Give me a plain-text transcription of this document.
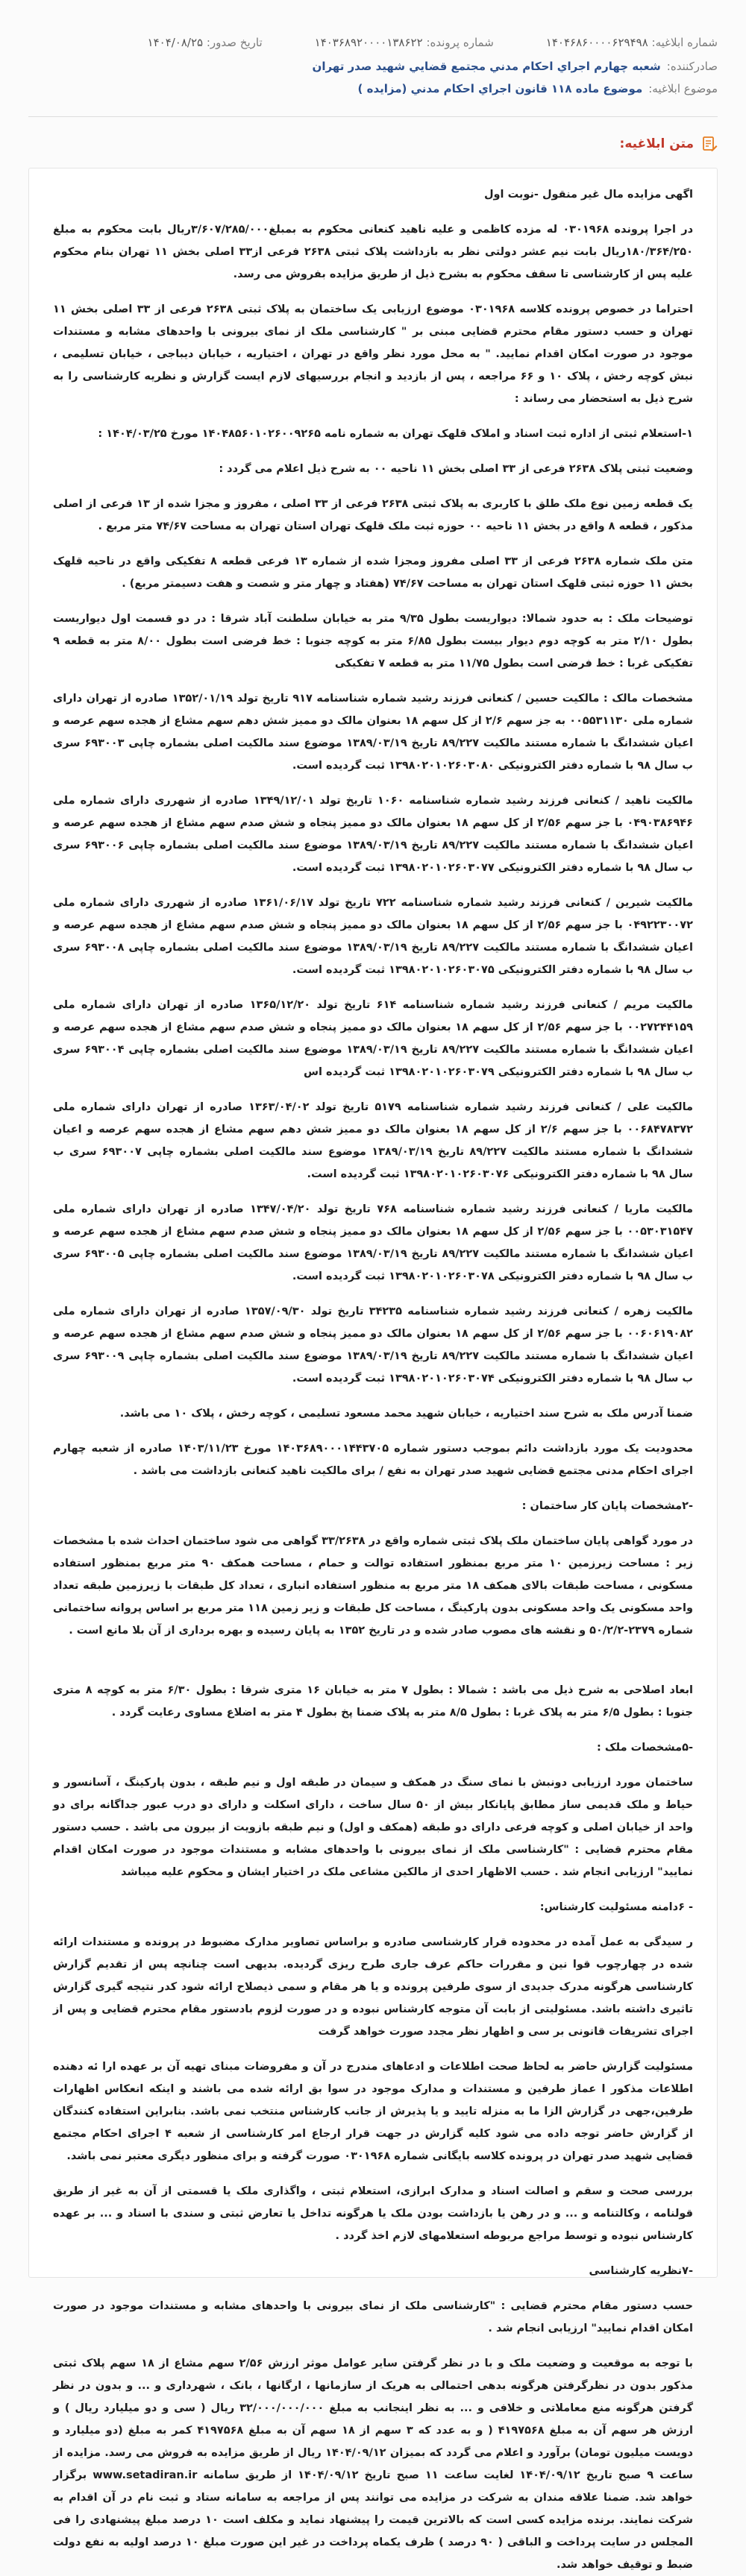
شماره ابلاغیه: ۱۴۰۴۶۸۶۰۰۰۰۶۲۹۴۹۸
شماره پرونده: ۱۴۰۳۶۸۹۲۰۰۰۰۱۳۸۶۲۲
تاریخ صدور: ۱۴۰۴/۰۸/۲۵
صادرکننده:
شعبه چهارم اجراي احكام مدني مجتمع قضايي شهيد صدر تهران
موضوع ابلاغیه:
موضوع ماده ۱۱۸ قانون اجراي احكام مدني (مزايده )
متن ابلاغیه:

اگهی مزایده مال غیر منقول -نوبت اول

در اجرا پرونده ۰۳۰۱۹۶۸ له مزده کاظمی و علیه ناهید کنعانی محکوم به بمبلغ۳/۶۰۷/۲۸۵/۰۰۰ریال بابت محکوم به مبلغ ۱۸۰/۳۶۴/۲۵۰ریال بابت نیم عشر دولتی نظر به بازداشت پلاک ثبتی ۲۶۳۸ فرعی از۳۳ اصلی بخش ۱۱ تهران بنام محکوم علیه پس از کارشناسی تا سقف محکوم به بشرح ذیل از طریق مزایده بفروش می رسد.

احتراما در خصوص پرونده کلاسه ۰۳۰۱۹۶۸ موضوع ارزیابی یک ساختمان به پلاک ثبتی ۲۶۳۸ فرعی از ۳۳ اصلی بخش ۱۱ تهران و حسب دستور مقام محترم قضایی مبنی بر " کارشناسی ملک از نمای بیرونی با واحدهای مشابه و مستندات موجود در صورت امکان اقدام نمایید. " به محل مورد نظر واقع در تهران ، اختیاریه ، خیابان دیباجی ، خیابان تسلیمی ، نبش کوچه رخش ، پلاک ۱۰ و ۶۶ مراجعه ، پس از بازدید و انجام بررسیهای لازم ایست گزارش و نظریه کارشناسی را به شرح ذیل به استحضار می رساند :

۱-استعلام ثبتی از اداره ثبت اسناد و املاک قلهک تهران به شماره نامه ۱۴۰۴۸۵۶۰۱۰۲۶۰۰۹۲۶۵ مورخ ۱۴۰۴/۰۳/۲۵ :

وضعیت ثبتی پلاک ۲۶۳۸ فرعی از ۳۳ اصلی بخش ۱۱ ناحیه ۰۰ به شرح ذیل اعلام می گردد :

یک قطعه زمین نوع ملک طلق با کاربری به پلاک ثبتی ۲۶۳۸ فرعی از ۳۳ اصلی ، مفروز و مجزا شده از ۱۳ فرعی از اصلی مذکور ، قطعه ۸ واقع در بخش ۱۱ ناحیه ۰۰ حوزه ثبت ملک قلهک تهران استان تهران به مساحت ۷۴/۶۷ متر مربع .

متن ملک شماره ۲۶۳۸ فرعی از ۳۳ اصلی مفروز ومجزا شده از شماره ۱۳ فرعی قطعه ۸ تفکیکی واقع در ناحیه قلهک بخش ۱۱ حوزه ثبتی قلهک استان تهران به مساحت ۷۴/۶۷ (هفتاد و چهار متر و شصت و هفت دسیمتر مربع) .

توضیحات ملک : به حدود شمالا: دیواریست بطول ۹/۳۵ متر به خیابان سلطنت آباد شرقا : در دو قسمت اول دیواریست بطول ۲/۱۰ متر به کوچه دوم دیوار بیست بطول ۶/۸۵ متر به کوچه جنوبا : خط فرضی است بطول ۸/۰۰ متر به قطعه ۹ تفکیکی غربا : خط فرضی است بطول ۱۱/۷۵ متر به قطعه ۷ تفکیکی

مشخصات مالک : مالکیت حسین / کنعانی فرزند رشید شماره شناسنامه ۹۱۷ تاریخ تولد ۱۳۵۲/۰۱/۱۹ صادره از تهران دارای شماره ملی ۰۰۵۵۳۱۱۳۰ به جز سهم ۲/۶ از کل سهم ۱۸ بعنوان مالک دو ممیز شش دهم سهم مشاع از هجده سهم عرصه و اعیان ششدانگ با شماره مستند مالکیت ۸۹/۲۲۷ تاریخ ۱۳۸۹/۰۳/۱۹ موضوع سند مالکیت اصلی بشماره چاپی ۶۹۳۰۰۳ سری ب سال ۹۸ با شماره دفتر الکترونیکی ۱۳۹۸۰۲۰۱۰۲۶۰۳۰۸۰ ثبت گردیده است.

مالکیت ناهید / کنعانی فرزند رشید شماره شناسنامه ۱۰۶۰ تاریخ تولد ۱۳۴۹/۱۲/۰۱ صادره از شهرری دارای شماره ملی ۰۴۹۰۳۸۶۹۴۶ با جز سهم ۲/۵۶ از کل سهم ۱۸ بعنوان مالک دو ممیز پنجاه و شش صدم سهم مشاع از هجده سهم عرصه و اعیان ششدانگ با شماره مستند مالکیت ۸۹/۲۲۷ تاریخ ۱۳۸۹/۰۳/۱۹ موضوع سند مالکیت اصلی بشماره چاپی ۶۹۳۰۰۶ سری ب سال ۹۸ با شماره دفتر الکترونیکی ۱۳۹۸۰۲۰۱۰۲۶۰۳۰۷۷ ثبت گردیده است.

مالکیت شیرین / کنعانی فرزند رشید شماره شناسنامه ۷۲۲ تاریخ تولد ۱۳۶۱/۰۶/۱۷ صادره از شهرری دارای شماره ملی ۰۴۹۲۲۳۰۰۷۲ با جز سهم ۲/۵۶ از کل سهم ۱۸ بعنوان مالک دو ممیز پنجاه و شش صدم سهم مشاع از هجده سهم عرصه و اعیان ششدانگ با شماره مستند مالکیت ۸۹/۲۲۷ تاریخ ۱۳۸۹/۰۳/۱۹ موضوع سند مالکیت اصلی بشماره چاپی ۶۹۳۰۰۸ سری ب سال ۹۸ با شماره دفتر الکترونیکی ۱۳۹۸۰۲۰۱۰۲۶۰۳۰۷۵ ثبت گردیده است.

مالکیت مریم / کنعانی فرزند رشید شماره شناسنامه ۶۱۴ تاریخ تولد ۱۳۶۵/۱۲/۲۰ صادره از تهران دارای شماره ملی ۰۰۲۷۲۴۴۱۵۹ با جز سهم ۲/۵۶ از کل سهم ۱۸ بعنوان مالک دو ممیز پنجاه و شش صدم سهم مشاع از هجده سهم عرصه و اعیان ششدانگ با شماره مستند مالکیت ۸۹/۲۲۷ تاریخ ۱۳۸۹/۰۳/۱۹ موضوع سند مالکیت اصلی بشماره چاپی ۶۹۳۰۰۴ سری ب سال ۹۸ با شماره دفتر الکترونیکی ۱۳۹۸۰۲۰۱۰۲۶۰۳۰۷۹ ثبت گردیده اس

مالکیت علی / کنعانی فرزند رشید شماره شناسنامه ۵۱۷۹ تاریخ تولد ۱۳۶۳/۰۴/۰۲ صادره از تهران دارای شماره ملی ۰۰۶۸۴۷۸۳۷۲ با جز سهم ۲/۶ از کل سهم ۱۸ بعنوان مالک دو ممیز شش دهم سهم مشاع از هجده سهم عرصه و اعیان ششدانگ با شماره مستند مالکیت ۸۹/۲۲۷ تاریخ ۱۳۸۹/۰۳/۱۹ موضوع سند مالکیت اصلی بشماره چاپی ۶۹۳۰۰۷ سری ب سال ۹۸ با شماره دفتر الکترونیکی ۱۳۹۸۰۲۰۱۰۲۶۰۳۰۷۶ ثبت گردیده است.

مالکیت ماریا / کنعانی فرزند رشید شماره شناسنامه ۷۶۸ تاریخ تولد ۱۳۴۷/۰۴/۲۰ صادره از تهران دارای شماره ملی ۰۰۵۳۰۳۱۵۴۷ با جز سهم ۲/۵۶ از کل سهم ۱۸ بعنوان مالک دو ممیز پنجاه و شش صدم سهم مشاع از هجده سهم عرصه و اعیان ششدانگ با شماره مستند مالکیت ۸۹/۲۲۷ تاریخ ۱۳۸۹/۰۳/۱۹ موضوع سند مالکیت اصلی بشماره چاپی ۶۹۳۰۰۵ سری ب سال ۹۸ با شماره دفتر الکترونیکی ۱۳۹۸۰۲۰۱۰۲۶۰۳۰۷۸ ثبت گردیده است.

مالکیت زهره / کنعانی فرزند رشید شماره شناسنامه ۳۴۲۳۵ تاریخ تولد ۱۳۵۷/۰۹/۳۰ صادره از تهران دارای شماره ملی ۰۰۶۰۶۱۹۰۸۲ با جز سهم ۲/۵۶ از کل سهم ۱۸ بعنوان مالک دو ممیز پنجاه و شش صدم سهم مشاع از هجده سهم عرصه و اعیان ششدانگ با شماره مستند مالکیت ۸۹/۲۲۷ تاریخ ۱۳۸۹/۰۳/۱۹ موضوع سند مالکیت اصلی بشماره چاپی ۶۹۳۰۰۹ سری ب سال ۹۸ با شماره دفتر الکترونیکی ۱۳۹۸۰۲۰۱۰۲۶۰۳۰۷۴ ثبت گردیده است.

ضمنا آدرس ملک به شرح سند اختیاریه ، خیابان شهید محمد مسعود تسلیمی ، کوچه رخش ، پلاک ۱۰ می باشد.

محدودیت یک مورد بازداشت دائم بموجب دستور شماره ۱۴۰۳۶۸۹۰۰۰۱۴۴۳۷۰۵ مورخ ۱۴۰۳/۱۱/۲۳ صادره از شعبه چهارم اجرای احکام مدنی مجتمع قضایی شهید صدر تهران به نفع / برای مالکیت ناهید کنعانی بازداشت می باشد .

-۲مشخصات پایان کار ساختمان :

در مورد گواهی پایان ساختمان ملک پلاک ثبتی شماره واقع در ۳۳/۲۶۳۸ گواهی می شود ساختمان احداث شده با مشخصات زیر : مساحت زیرزمین ۱۰ متر مربع بمنظور استفاده توالت و حمام ، مساحت همکف ۹۰ متر مربع بمنظور استفاده مسکونی ، مساحت طبقات بالای همکف ۱۸ متر مربع به منظور استفاده انباری ، تعداد کل طبقات با زیرزمین طبقه تعداد واحد مسکونی یک واحد مسکونی بدون پارکینگ ، مساحت کل طبقات و زیر زمین ۱۱۸ متر مربع بر اساس پروانه ساختمانی شماره ۲۳۷۹-۵۰/۲/۲ و نقشه های مصوب صادر شده و در تاریخ ۱۳۵۲ به پایان رسیده و بهره برداری از آن بلا مانع است .

ابعاد اصلاحی به شرح ذیل می باشد : شمالا : بطول ۷ متر به خیابان ۱۶ متری شرقا : بطول ۶/۳۰ متر به کوچه ۸ متری جنوبا : بطول ۶/۵ متر به پلاک غربا : بطول ۸/۵ متر به پلاک ضمنا پخ بطول ۴ متر به اضلاع مساوی رعایت گردد .

-۵مشخصات ملک :

ساختمان مورد ارزیابی دونبش با نمای سنگ در همکف و سیمان در طبقه اول و نیم طبقه ، بدون پارکینگ ، آسانسور و حیاط و ملک قدیمی ساز مطابق پایانکار بیش از ۵۰ سال ساخت ، دارای اسکلت و دارای دو درب عبور جداگانه برای دو واحد از خیابان اصلی و کوچه فرعی دارای دو طبقه (همکف و اول) و نیم طبقه بازویت از بیرون می باشد . حسب دستور مقام محترم قضایی : "کارشناسی ملک از نمای بیرونی با واحدهای مشابه و مستندات موجود در صورت امکان اقدام نمایید" ارزیابی انجام شد . حسب الاظهار احدی از مالکین مشاعی ملک در اختیار ایشان و محکوم علیه میباشد

- ۶دامنه مسئولیت کارشناس:

ر سیدگی به عمل آمده در محدوده قرار کارشناسی صادره و براساس تصاویر مدارک مضبوط در پرونده و مستندات ارائه شده در چهارچوب قوا نین و مقررات حاکم عرف جاری طرح ریزی گردیده. بدیهی است چنانچه پس از تقدیم گزارش کارشناسی هرگونه مدرک جدیدی از سوی طرفین پرونده و یا هر مقام و سمی ذیصلاح ارائه شود کدر نتیجه گیری گزارش تاثیری داشته باشد. مسئولیتی از بابت آن متوجه کارشناس نبوده و در صورت لزوم بادستور مقام محترم قضایی و پس از اجرای تشریفات قانونی بر سی و اظهار نظر مجدد صورت خواهد گرفت

مسئولیت گزارش حاضر به لحاظ صحت اطلاعات و ادعاهای مندرج در آن و مفروضات مبنای تهیه آن بر عهده ارا ئه دهنده اطلاعات مذکور ا عماز طرفین و مستندات و مدارک موجود در سوا بق ارائه شده می باشند و اینکه انعکاس اظهارات طرفین،جهی در گزارش الزا ما به منزله تایید و یا پذیرش از جانب کارشناس منتخب نمی باشد. بنابراین استفاده کنندگان از گزارش حاضر توجه داده می شود کلیه گزارش در جهت قرار ارجاع امر کارشناسی از شعبه ۴ اجرای احکام مجتمع قضایی شهید صدر تهران در پرونده کلاسه بایگانی شماره ۰۳۰۱۹۶۸ صورت گرفته و برای منظور دیگری معتبر نمی باشد.

بررسی صحت و سقم و اصالت اسناد و مدارک ابرازی، استعلام ثبتی ، واگذاری ملک یا قسمتی از آن به غیر از طریق قولنامه ، وکالتنامه و ... و در رهن یا بازداشت بودن ملک یا هرگونه تداخل یا تعارض ثبتی و سندی با اسناد و ... بر عهده کارشناس نبوده و توسط مراجع مربوطه استعلامهای لازم اخذ گردد .

-۷نظریه کارشناسی

حسب دستور مقام محترم قضایی : "کارشناسی ملک از نمای بیرونی با واحدهای مشابه و مستندات موجود در صورت امکان اقدام نمایید" ارزیابی انجام شد .

با توجه به موقعیت و وضعیت ملک و با در نظر گرفتن سایر عوامل موثر ارزش ۲/۵۶ سهم مشاع از ۱۸ سهم پلاک ثبتی مذکور بدون در نظرگرفتن هرگونه بدهی احتمالی به هریک از سازمانها ، ارگانها ، بانک ، شهرداری و ... و بدون در نظر گرفتن هرگونه منع معاملاتی و خلافی و ... به نظر اینجانب به مبلغ ۳۲/۰۰۰/۰۰۰/۰۰۰ ریال ( سی و دو میلیارد ریال ) و ارزش هر سهم آن به مبلغ ۴۱۹۷۵۶۸ ( و به عدد که ۳ سهم از ۱۸ سهم آن به مبلغ ۴۱۹۷۵۶۸ کمر به مبلغ (دو میلیارد و دویست میلیون تومان) برآورد و اعلام می گردد که بمیزان ۱۴۰۴/۰۹/۱۲ ریال از طریق مزایده به فروش می رسد. مزایده از ساعت ۹ صبح تاریخ ۱۴۰۴/۰۹/۱۲ لغایت ساعت ۱۱ صبح تاریخ ۱۴۰۴/۰۹/۱۲ از طریق سامانه www.setadiran.ir برگزار خواهد شد. ضمنا علاقه مندان به شرکت در مزایده می توانند پس از مراجعه به سامانه ستاد و ثبت نام در آن اقدام به شرکت نمایند. برنده مزایده کسی است که بالاترین قیمت را پیشنهاد نماید و مکلف است ۱۰ درصد مبلغ پیشنهادی را فی المجلس در سایت پرداخت و الباقی ( ۹۰ درصد ) ظرف یکماه پرداخت در غیر این صورت مبلغ ۱۰ درصد اولیه به نفع دولت ضبط و توقیف خواهد شد.
